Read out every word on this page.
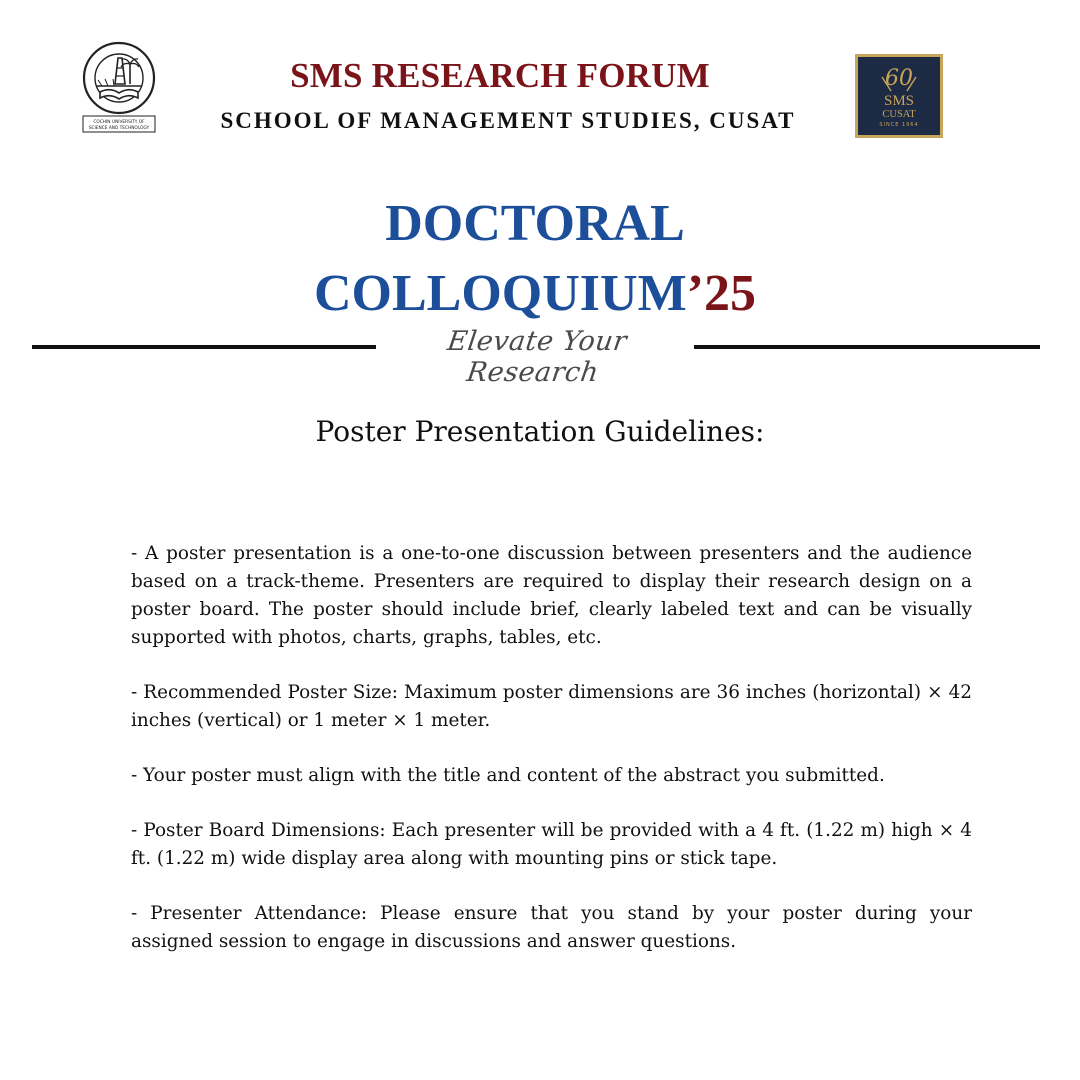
COCHIN UNIVERSITY OF
SCIENCE AND TECHNOLOGY
SMS RESEARCH FORUM
SCHOOL OF MANAGEMENT STUDIES, CUSAT
60
SMS
CUSAT
SINCE 1964
DOCTORAL
COLLOQUIUM’25
Elevate Your Research
Poster Presentation Guidelines:

- A poster presentation is a one-to-one discussion between presenters and the audience based on a track-theme. Presenters are required to display their research design on a poster board. The poster should include brief, clearly labeled text and can be visually supported with photos, charts, graphs, tables, etc.

- Recommended Poster Size: Maximum poster dimensions are 36 inches (horizontal) × 42 inches (vertical) or 1 meter × 1 meter.

- Your poster must align with the title and content of the abstract you submitted.

- Poster Board Dimensions: Each presenter will be provided with a 4 ft. (1.22 m) high × 4 ft. (1.22 m) wide display area along with mounting pins or stick tape.

- Presenter Attendance: Please ensure that you stand by your poster during your assigned session to engage in discussions and answer questions.
